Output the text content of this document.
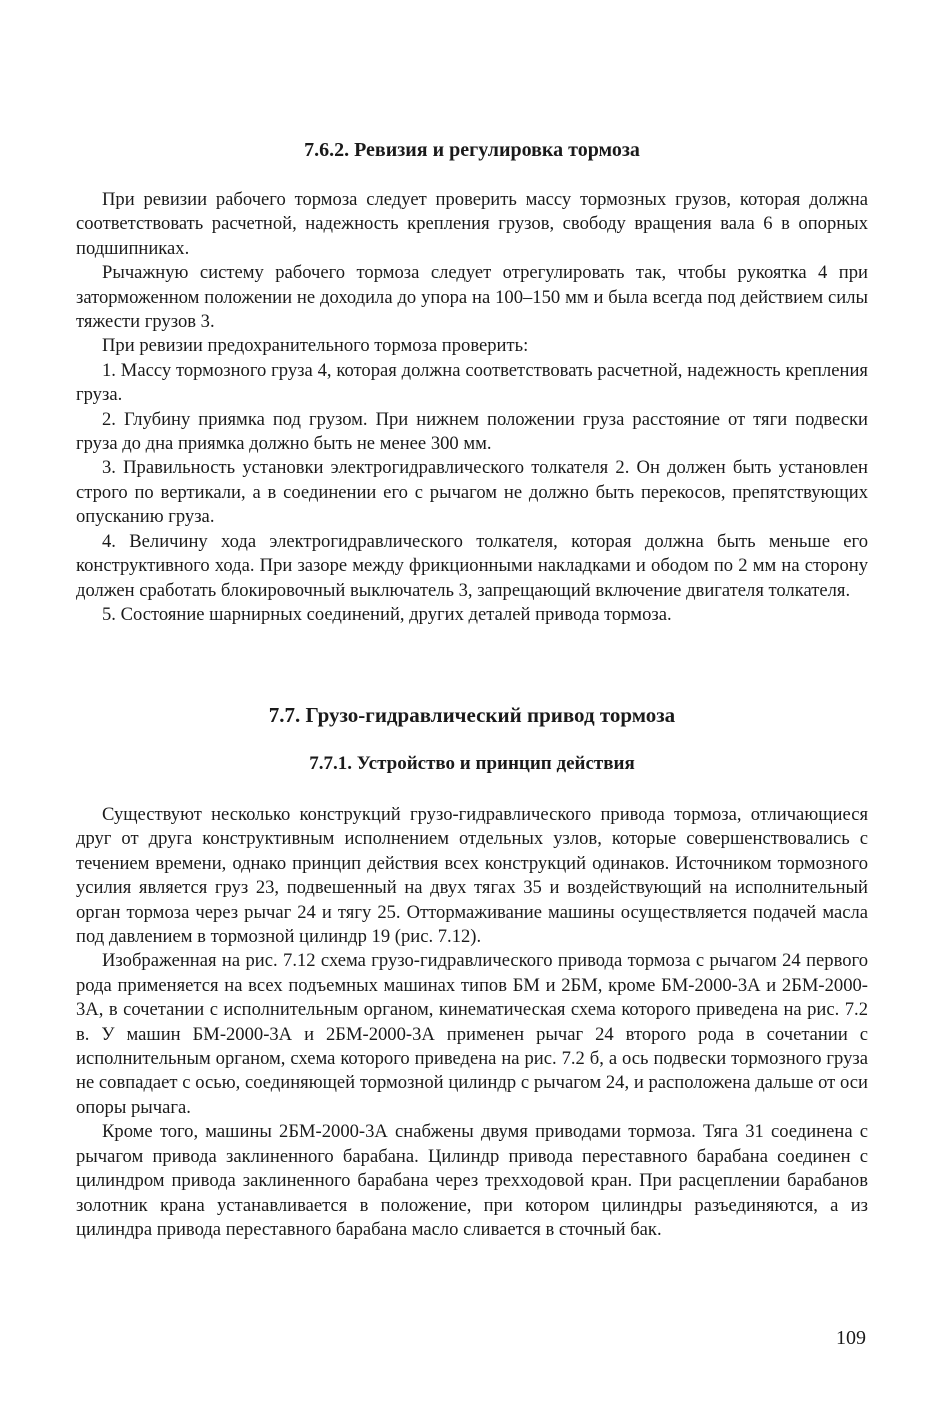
7.6.2. Ревизия и регулировка тормоза

При ревизии рабочего тормоза следует проверить массу тормозных грузов, которая должна соответствовать расчетной, надежность крепления грузов, свободу вращения вала 6 в опорных подшипниках.

Рычажную систему рабочего тормоза следует отрегулировать так, чтобы рукоятка 4 при заторможенном положении не доходила до упора на 100–150 мм и была всегда под действием силы тяжести грузов 3.

При ревизии предохранительного тормоза проверить:

1. Массу тормозного груза 4, которая должна соответствовать расчетной, надежность крепления груза.

2. Глубину приямка под грузом. При нижнем положении груза расстояние от тяги подвески груза до дна приямка должно быть не менее 300 мм.

3. Правильность установки электрогидравлического толкателя 2. Он должен быть установлен строго по вертикали, а в соединении его с рычагом не должно быть перекосов, препятствующих опусканию груза.

4. Величину хода электрогидравлического толкателя, которая должна быть меньше его конструктивного хода. При зазоре между фрикционными накладками и ободом по 2 мм на сторону должен сработать блокировочный выключатель 3, запрещающий включение двигателя толкателя.

5. Состояние шарнирных соединений, других деталей привода тормоза.

7.7. Грузо-гидравлический привод тормоза
7.7.1. Устройство и принцип действия

Существуют несколько конструкций грузо-гидравлического привода тормоза, отличающиеся друг от друга конструктивным исполнением отдельных узлов, которые совершенствовались с течением времени, однако принцип действия всех конструкций одинаков. Источником тормозного усилия является груз 23, подвешенный на двух тягах 35 и воздействующий на исполнительный орган тормоза через рычаг 24 и тягу 25. Оттормаживание машины осуществляется подачей масла под давлением в тормозной цилиндр 19 (рис. 7.12).

Изображенная на рис. 7.12 схема грузо-гидравлического привода тормоза с рычагом 24 первого рода применяется на всех подъемных машинах типов БМ и 2БМ, кроме БМ-2000-3А и 2БМ-2000-3А, в сочетании с исполнительным органом, кинематическая схема которого приведена на рис. 7.2 в. У машин БМ-2000-3А и 2БМ-2000-3А применен рычаг 24 второго рода в сочетании с исполнительным органом, схема которого приведена на рис. 7.2 б, а ось подвески тормозного груза не совпадает с осью, соединяющей тормозной цилиндр с рычагом 24, и расположена дальше от оси опоры рычага.

Кроме того, машины 2БМ-2000-3А снабжены двумя приводами тормоза. Тяга 31 соединена с рычагом привода заклиненного барабана. Цилиндр привода переставного барабана соединен с цилиндром привода заклиненного барабана через трехходовой кран. При расцеплении барабанов золотник крана устанавливается в положение, при котором цилиндры разъединяются, а из цилиндра привода переставного барабана масло сливается в сточный бак.

109
